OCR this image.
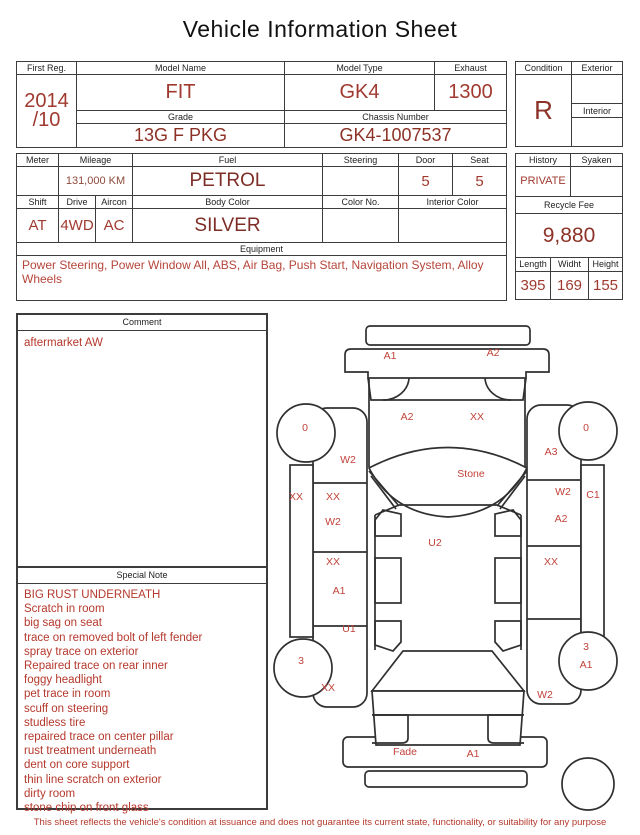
Vehicle Information Sheet
First Reg.	Model Name	Model Type	Exhaust

2014
/10	FIT	GK4	1300
	Grade	Chassis Number	
	13G F PKG	GK4-1007537	
Condition	Exterior
R	
	Interior

Meter	Mileage		Fuel	Steering	Door	Seat
	131,000 KM		PETROL		5	5
Shift	Drive	Aircon	Body Color	Color No.	Interior Color	
AT	4WD	AC	SILVER			
Equipment						
Power Steering, Power Window All, ABS, Air Bag, Push Start, Navigation System, Alloy Wheels						
History		Syaken	
PRIVATE			
Recycle Fee			
9,880			
Length	Widht		Height
395	169		155
Comment
aftermarket AW
Special Note
BIG RUST UNDERNEATH
Scratch in room
big sag on seat
trace on removed bolt of left fender
spray trace on exterior
Repaired trace on rear inner
foggy headlight
pet trace in room
scuff on steering
studless tire
repaired trace on center pillar
rust treatment underneath
dent on core support
thin line scratch on exterior
dirty room
stone chip on front glass
A1	A2
A2	XX
0	0
W2
A3
Stone
XX XX	W2 C1
W2	A2
U2
XX	XX
A1
U1
3
3
A1
XX
W2
Fade	A1
This sheet reflects the vehicle's condition at issuance and does not guarantee its current state, functionality, or suitability for any purpose
